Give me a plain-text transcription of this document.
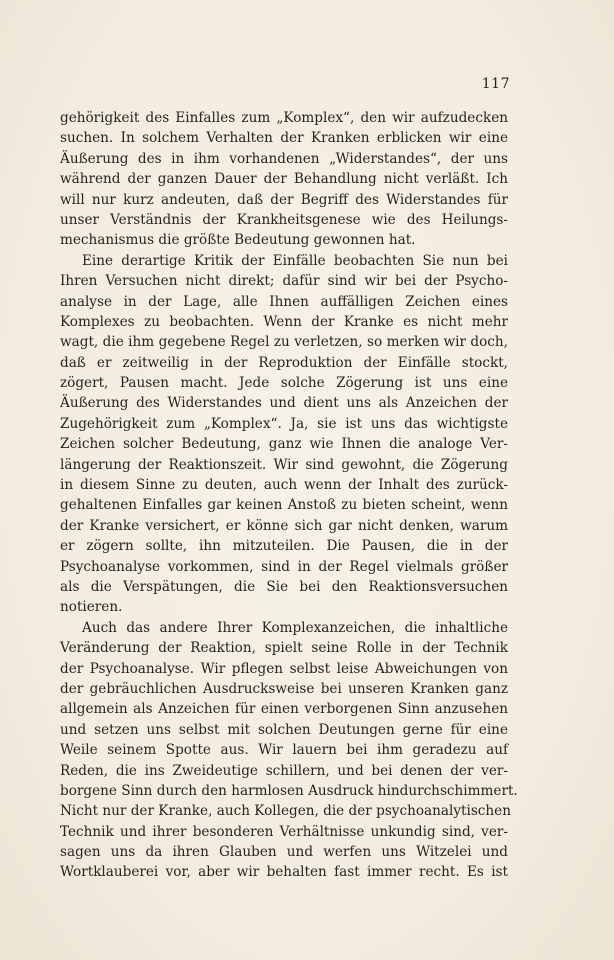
117
gehörigkeit des Einfalles zum „Komplex“, den wir aufzudecken
suchen. In solchem Verhalten der Kranken erblicken wir eine
Äußerung des in ihm vorhandenen „Widerstandes“, der uns
während der ganzen Dauer der Behandlung nicht verläßt. Ich
will nur kurz andeuten, daß der Begriff des Widerstandes für
unser Verständnis der Krankheitsgenese wie des Heilungs-
mechanismus die größte Bedeutung gewonnen hat.
Eine derartige Kritik der Einfälle beobachten Sie nun bei
Ihren Versuchen nicht direkt; dafür sind wir bei der Psycho-
analyse in der Lage, alle Ihnen auffälligen Zeichen eines
Komplexes zu beobachten. Wenn der Kranke es nicht mehr
wagt, die ihm gegebene Regel zu verletzen, so merken wir doch,
daß er zeitweilig in der Reproduktion der Einfälle stockt,
zögert, Pausen macht. Jede solche Zögerung ist uns eine
Äußerung des Widerstandes und dient uns als Anzeichen der
Zugehörigkeit zum „Komplex“. Ja, sie ist uns das wichtigste
Zeichen solcher Bedeutung, ganz wie Ihnen die analoge Ver-
längerung der Reaktionszeit. Wir sind gewohnt, die Zögerung
in diesem Sinne zu deuten, auch wenn der Inhalt des zurück-
gehaltenen Einfalles gar keinen Anstoß zu bieten scheint, wenn
der Kranke versichert, er könne sich gar nicht denken, warum
er zögern sollte, ihn mitzuteilen. Die Pausen, die in der
Psychoanalyse vorkommen, sind in der Regel vielmals größer
als die Verspätungen, die Sie bei den Reaktionsversuchen
notieren.
Auch das andere Ihrer Komplexanzeichen, die inhaltliche
Veränderung der Reaktion, spielt seine Rolle in der Technik
der Psychoanalyse. Wir pflegen selbst leise Abweichungen von
der gebräuchlichen Ausdrucksweise bei unseren Kranken ganz
allgemein als Anzeichen für einen verborgenen Sinn anzusehen
und setzen uns selbst mit solchen Deutungen gerne für eine
Weile seinem Spotte aus. Wir lauern bei ihm geradezu auf
Reden, die ins Zweideutige schillern, und bei denen der ver-
borgene Sinn durch den harmlosen Ausdruck hindurchschimmert.
Nicht nur der Kranke, auch Kollegen, die der psychoanalytischen
Technik und ihrer besonderen Verhältnisse unkundig sind, ver-
sagen uns da ihren Glauben und werfen uns Witzelei und
Wortklauberei vor, aber wir behalten fast immer recht. Es ist
